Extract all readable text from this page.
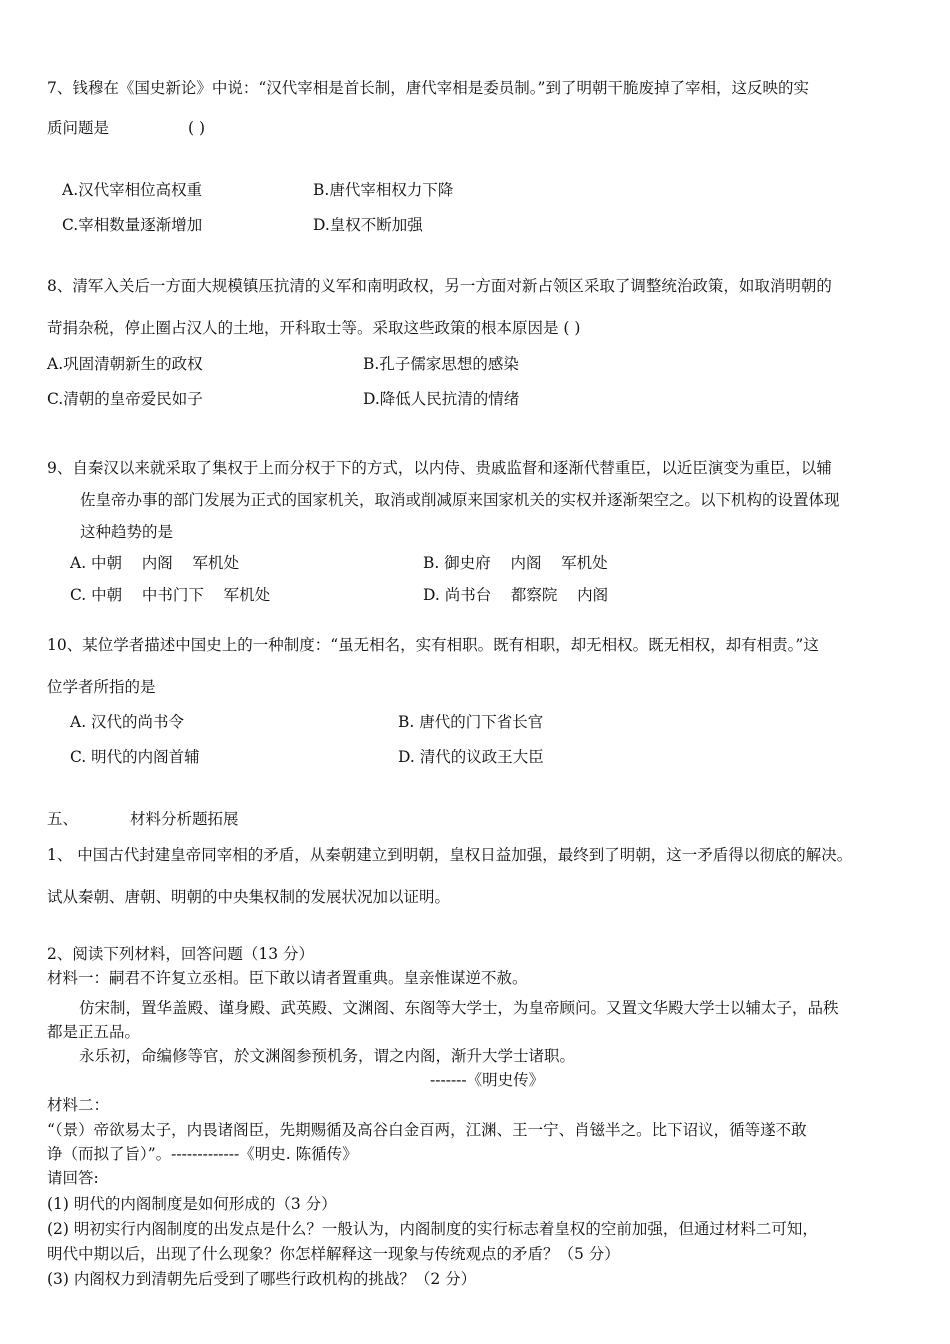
7、钱穆在《国史新论》中说：“汉代宰相是首长制，唐代宰相是委员制。”到了明朝干脆废掉了宰相，这反映的实
质问题是	( )
A.汉代宰相位高权重	B.唐代宰相权力下降
C.宰相数量逐渐增加	D.皇权不断加强
8、清军入关后一方面大规模镇压抗清的义军和南明政权，另一方面对新占领区采取了调整统治政策，如取消明朝的
苛捐杂税，停止圈占汉人的土地，开科取士等。采取这些政策的根本原因是 ( )
A.巩固清朝新生的政权	B.孔子儒家思想的感染
C.清朝的皇帝爱民如子	D.降低人民抗清的情绪
9、自秦汉以来就采取了集权于上而分权于下的方式，以内侍、贵戚监督和逐渐代替重臣，以近臣演变为重臣，以辅
佐皇帝办事的部门发展为正式的国家机关，取消或削减原来国家机关的实权并逐渐架空之。以下机构的设置体现
这种趋势的是
A. 中朝    内阁    军机处	B. 御史府    内阁    军机处
C. 中朝    中书门下    军机处	D. 尚书台    都察院    内阁
10、某位学者描述中国史上的一种制度：“虽无相名，实有相职。既有相职，却无相权。既无相权，却有相责。”这
位学者所指的是
A. 汉代的尚书令	B. 唐代的门下省长官
C. 明代的内阁首辅	D. 清代的议政王大臣
五、	材料分析题拓展
1、 中国古代封建皇帝同宰相的矛盾，从秦朝建立到明朝，皇权日益加强，最终到了明朝，这一矛盾得以彻底的解决。
试从秦朝、唐朝、明朝的中央集权制的发展状况加以证明。
2、阅读下列材料，回答问题（13 分）
材料一：嗣君不许复立丞相。臣下敢以请者置重典。皇亲惟谋逆不赦。
仿宋制，置华盖殿、谨身殿、武英殿、文渊阁、东阁等大学士，为皇帝顾问。又置文华殿大学士以辅太子，品秩
都是正五品。
永乐初，命编修等官，於文渊阁参预机务，谓之内阁，渐升大学士诸职。
-------《明史传》
材料二：
“（景）帝欲易太子，内畏诸阁臣，先期赐循及高谷白金百两，江渊、王一宁、肖镃半之。比下诏议，循等遂不敢
诤（而拟了旨）”。-------------《明史. 陈循传》
请回答:
(1) 明代的内阁制度是如何形成的（3 分）
(2) 明初实行内阁制度的出发点是什么？一般认为，内阁制度的实行标志着皇权的空前加强，但通过材料二可知，
明代中期以后，出现了什么现象？你怎样解释这一现象与传统观点的矛盾？（5 分）
(3) 内阁权力到清朝先后受到了哪些行政机构的挑战？（2 分）
